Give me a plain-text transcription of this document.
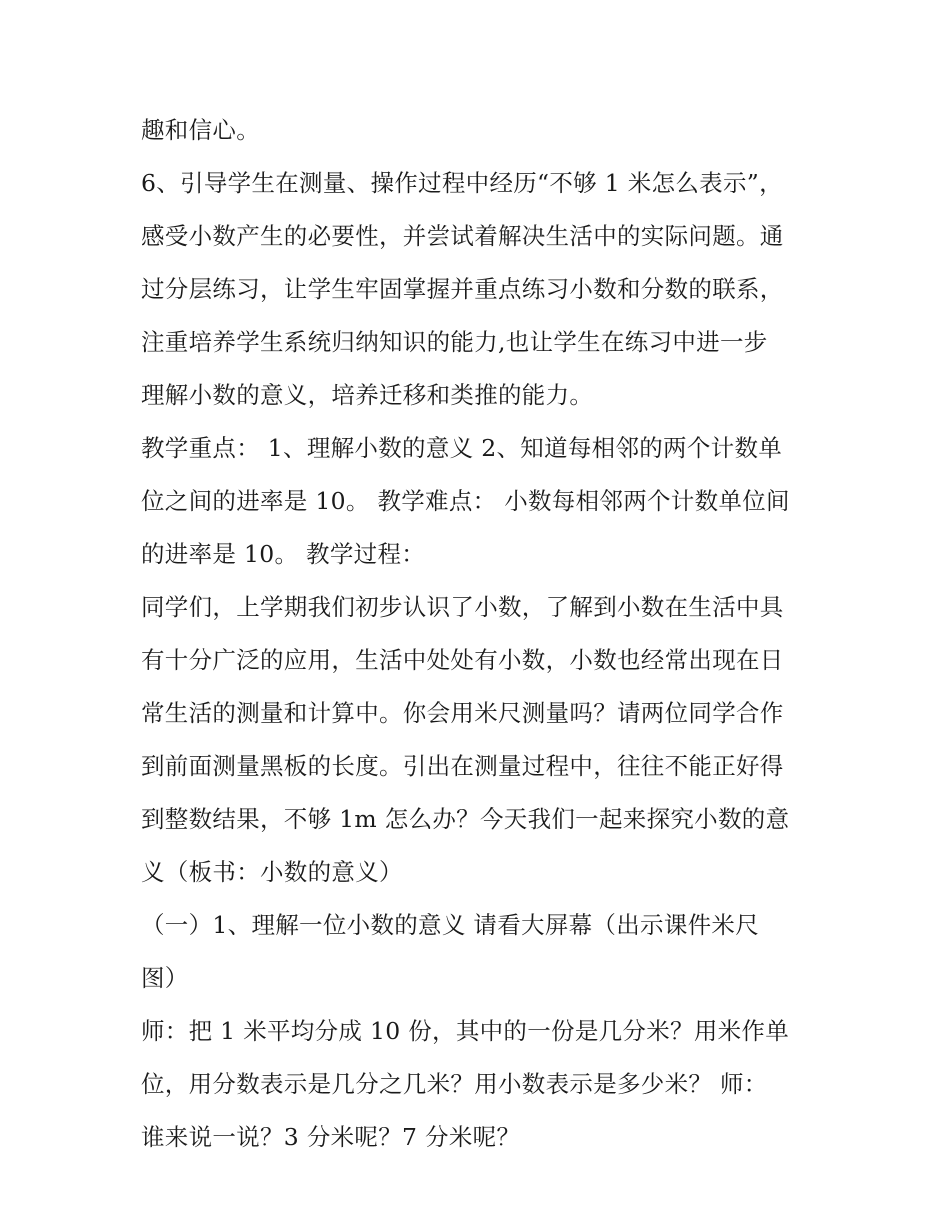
趣和信心。
6、引导学生在测量、操作过程中经历“不够 1 米怎么表示”，
感受小数产生的必要性，并尝试着解决生活中的实际问题。通
过分层练习，让学生牢固掌握并重点练习小数和分数的联系，
注重培养学生系统归纳知识的能力,也让学生在练习中进一步
理解小数的意义，培养迁移和类推的能力。
教学重点： 1、理解小数的意义 2、知道每相邻的两个计数单
位之间的进率是 10。 教学难点： 小数每相邻两个计数单位间
的进率是 10。 教学过程：
同学们，上学期我们初步认识了小数，了解到小数在生活中具
有十分广泛的应用，生活中处处有小数，小数也经常出现在日
常生活的测量和计算中。你会用米尺测量吗？请两位同学合作
到前面测量黑板的长度。引出在测量过程中，往往不能正好得
到整数结果，不够 1m 怎么办？今天我们一起来探究小数的意
义（板书：小数的意义）
（一）1、理解一位小数的意义 请看大屏幕（出示课件米尺
图）
师：把 1 米平均分成 10 份，其中的一份是几分米？用米作单
位，用分数表示是几分之几米？用小数表示是多少米？ 师：
谁来说一说？3 分米呢？7 分米呢？
